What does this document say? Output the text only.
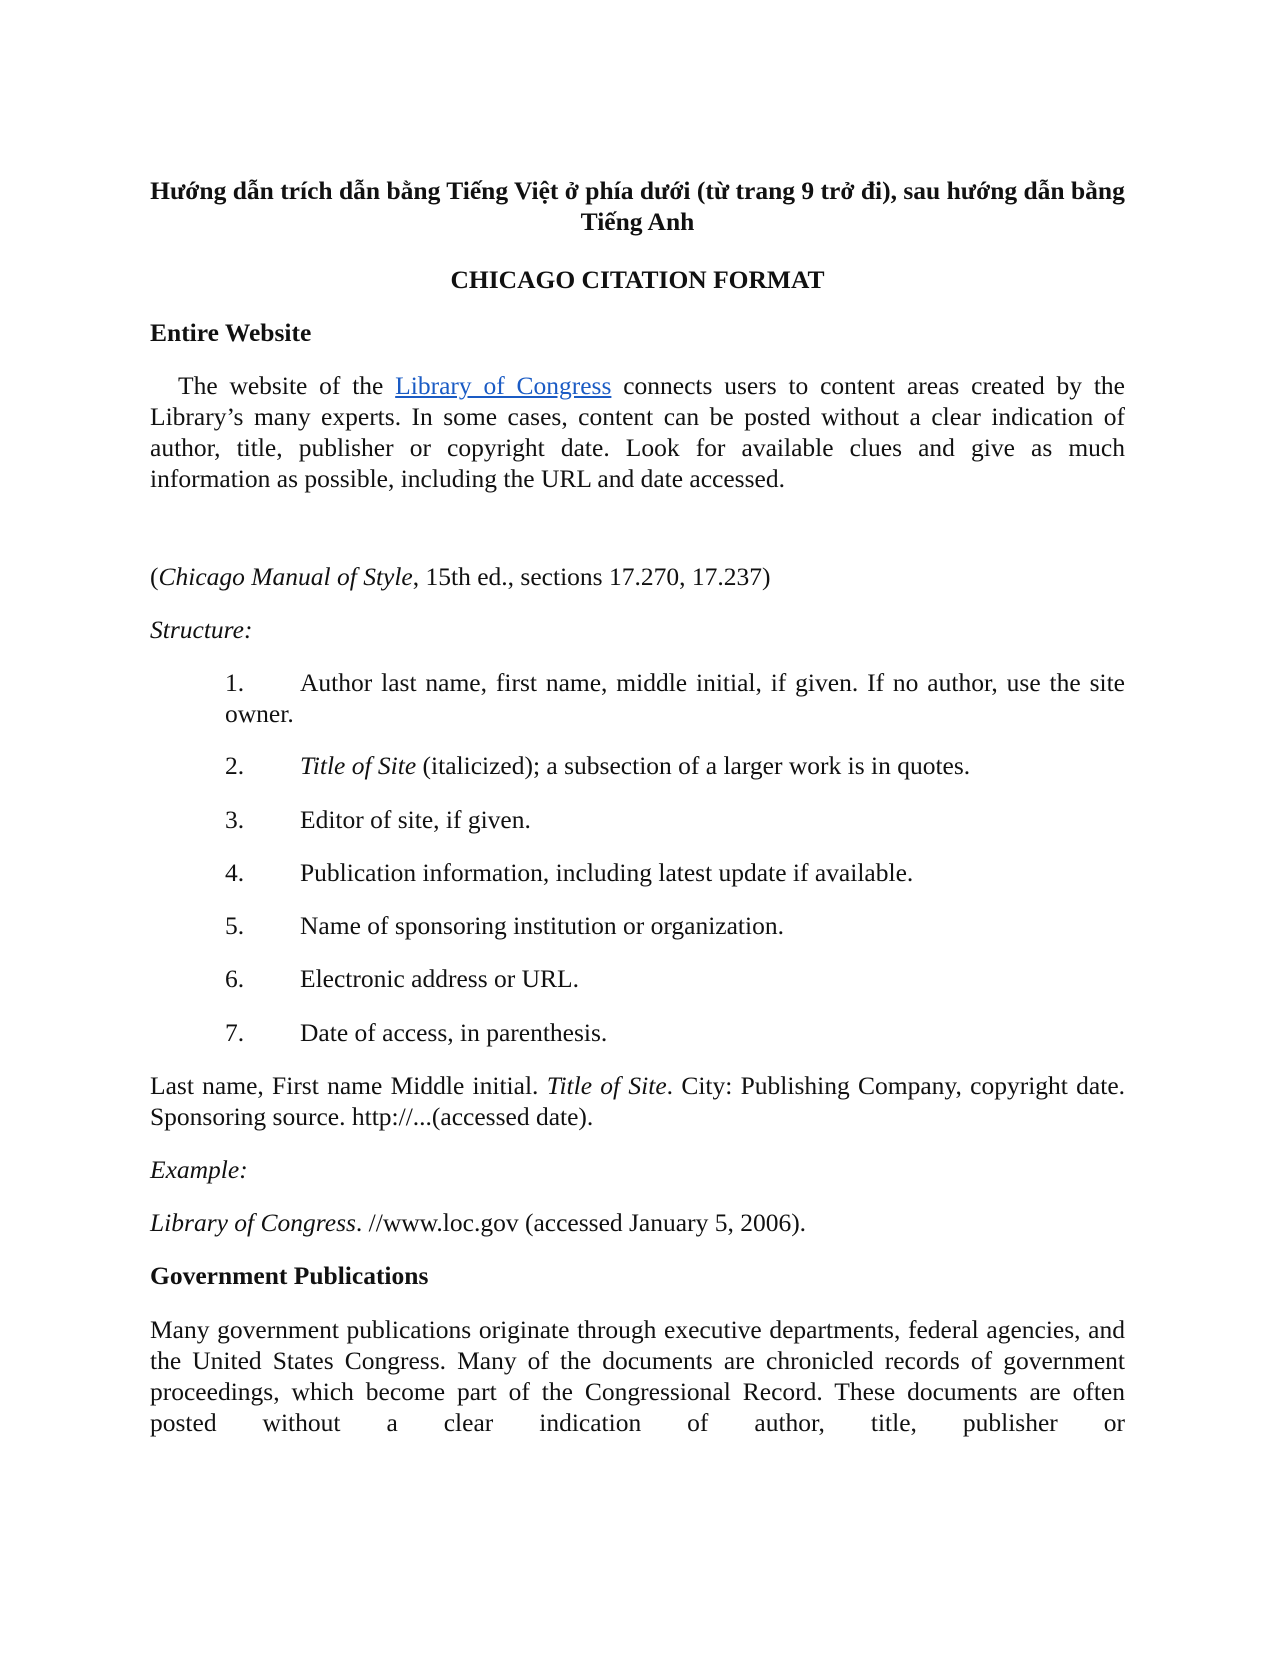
Hướng dẫn trích dẫn bằng Tiếng Việt ở phía dưới (từ trang 9 trở đi), sau hướng dẫn bằng Tiếng Anh
CHICAGO CITATION FORMAT
Entire Website
The website of the Library of Congress connects users to content areas created by the Library’s many experts. In some cases, content can be posted without a clear indication of author, title, publisher or copyright date. Look for available clues and give as much information as possible, including the URL and date accessed.
(Chicago Manual of Style, 15th ed., sections 17.270, 17.237)
Structure:
1. Author last name, first name, middle initial, if given. If no author, use the site owner.
2. Title of Site (italicized); a subsection of a larger work is in quotes.
3. Editor of site, if given.
4. Publication information, including latest update if available.
5. Name of sponsoring institution or organization.
6. Electronic address or URL.
7. Date of access, in parenthesis.
Last name, First name Middle initial. Title of Site. City: Publishing Company, copyright date. Sponsoring source. http://...(accessed date).
Example:
Library of Congress. //www.loc.gov (accessed January 5, 2006).
Government Publications
Many government publications originate through executive departments, federal agencies, and the United States Congress. Many of the documents are chronicled records of government proceedings, which become part of the Congressional Record. These documents are often posted without a clear indication of author, title, publisher or
